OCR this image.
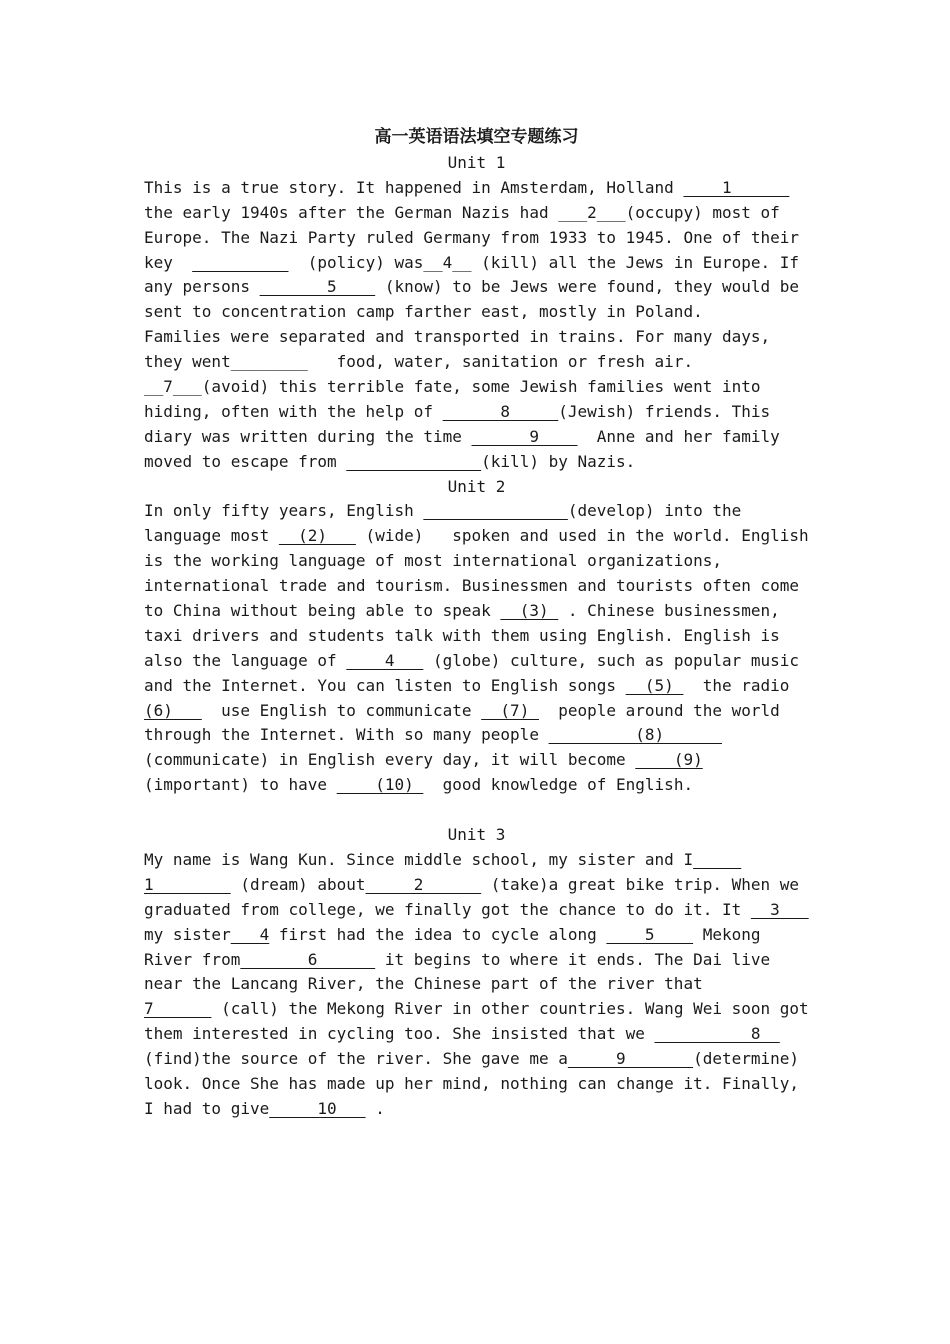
高一英语语法填空专题练习
Unit 1
This is a true story. It happened in Amsterdam, Holland     1
the early 1940s after the German Nazis had ___2___(occupy) most of
Europe. The Nazi Party ruled Germany from 1933 to 1945. One of their
key	(policy) was__4__ (kill) all the Jews in Europe. If
any persons        5     (know) to be Jews were found, they would be
sent to concentration camp farther east, mostly in Poland.
Families were separated and transported in trains. For many days,
they went________   food, water, sanitation or fresh air.
__7___(avoid) this terrible fate, some Jewish families went into
hiding, often with the help of       8     (Jewish) friends. This
diary was written during the time       9      Anne and her family
moved to escape from	(kill) by Nazis.
Unit 2
In only fifty years, English	(develop) into the
language most   (2)    (wide)   spoken and used in the world. English
is the working language of most international organizations,
international trade and tourism. Businessmen and tourists often come
to China without being able to speak   (3)  . Chinese businessmen,
taxi drivers and students talk with them using English. English is
also the language of     4    (globe) culture, such as popular music
and the Internet. You can listen to English songs   (5)   the radio
(6)     use English to communicate   (7)   people around the world
through the Internet. With so many people          (8)
(communicate) in English every day, it will become     (9)
(important) to have     (10)   good knowledge of English.
Unit 3
My name is Wang Kun. Since middle school, my sister and I
1         (dream) about     2       (take)a great bike trip. When we
graduated from college, we finally got the chance to do it. It   3
my sister   4 first had the idea to cycle along     5     Mekong
River from       6       it begins to where it ends. The Dai live
near the Lancang River, the Chinese part of the river that
7       (call) the Mekong River in other countries. Wang Wei soon got
them interested in cycling too. She insisted that we           8
(find)the source of the river. She gave me a     9       (determine)
look. Once She has made up her mind, nothing can change it. Finally,
I had to give     10    .
